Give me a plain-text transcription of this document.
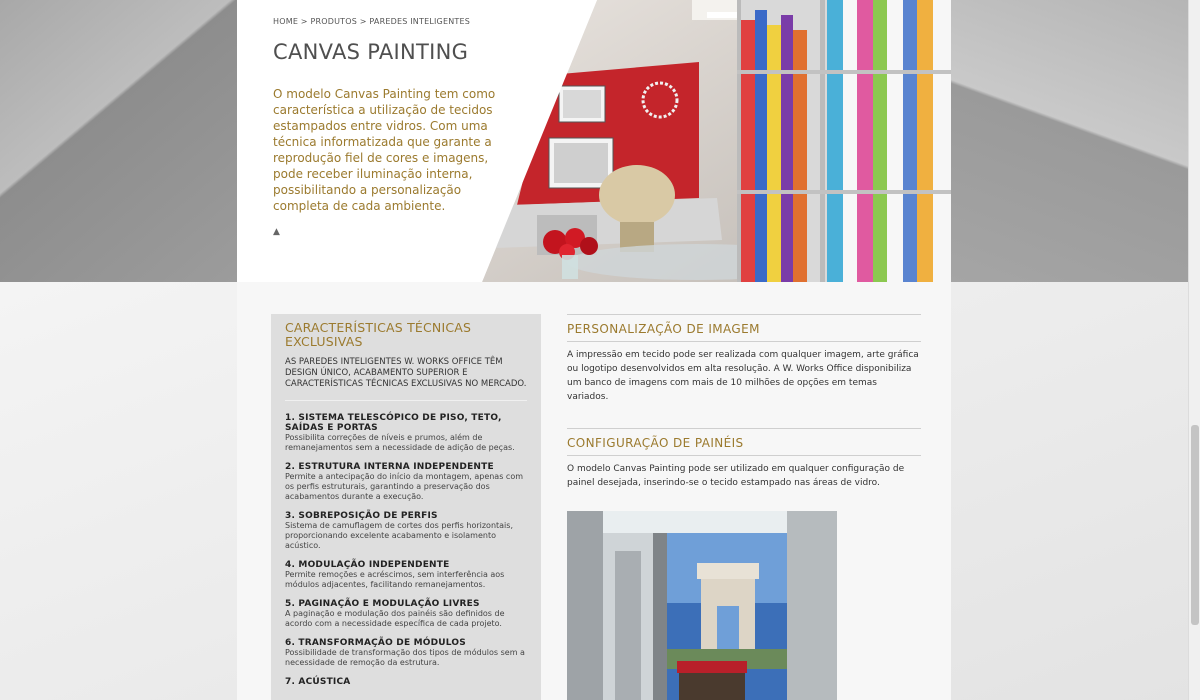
HOME > PRODUTOS > PAREDES INTELIGENTES
CANVAS PAINTING

O modelo Canvas Painting tem como característica a utilização de tecidos estampados entre vidros. Com uma técnica informatizada que garante a reprodução fiel de cores e imagens, pode receber iluminação interna, possibilitando a personalização completa de cada ambiente.

▲
CARACTERÍSTICAS TÉCNICAS EXCLUSIVAS
AS PAREDES INTELIGENTES W. WORKS OFFICE TÊM DESIGN ÚNICO, ACABAMENTO SUPERIOR E CARACTERÍSTICAS TÉCNICAS EXCLUSIVAS NO MERCADO.
1. SISTEMA TELESCÓPICO DE PISO, TETO, SAÍDAS E PORTAS

Possibilita correções de níveis e prumos, além de remanejamentos sem a necessidade de adição de peças.

2. ESTRUTURA INTERNA INDEPENDENTE

Permite a antecipação do início da montagem, apenas com os perfis estruturais, garantindo a preservação dos acabamentos durante a execução.

3. SOBREPOSIÇÃO DE PERFIS

Sistema de camuflagem de cortes dos perfis horizontais, proporcionando excelente acabamento e isolamento acústico.

4. MODULAÇÃO INDEPENDENTE

Permite remoções e acréscimos, sem interferência aos módulos adjacentes, facilitando remanejamentos.

5. PAGINAÇÃO E MODULAÇÃO LIVRES

A paginação e modulação dos painéis são definidos de acordo com a necessidade específica de cada projeto.

6. TRANSFORMAÇÃO DE MÓDULOS

Possibilidade de transformação dos tipos de módulos sem a necessidade de remoção da estrutura.

7. ACÚSTICA

PERSONALIZAÇÃO DE IMAGEM

A impressão em tecido pode ser realizada com qualquer imagem, arte gráfica ou logotipo desenvolvidos em alta resolução. A W. Works Office disponibiliza um banco de imagens com mais de 10 milhões de opções em temas variados.

CONFIGURAÇÃO DE PAINÉIS

O modelo Canvas Painting pode ser utilizado em qualquer configuração de painel desejada, inserindo-se o tecido estampado nas áreas de vidro.
